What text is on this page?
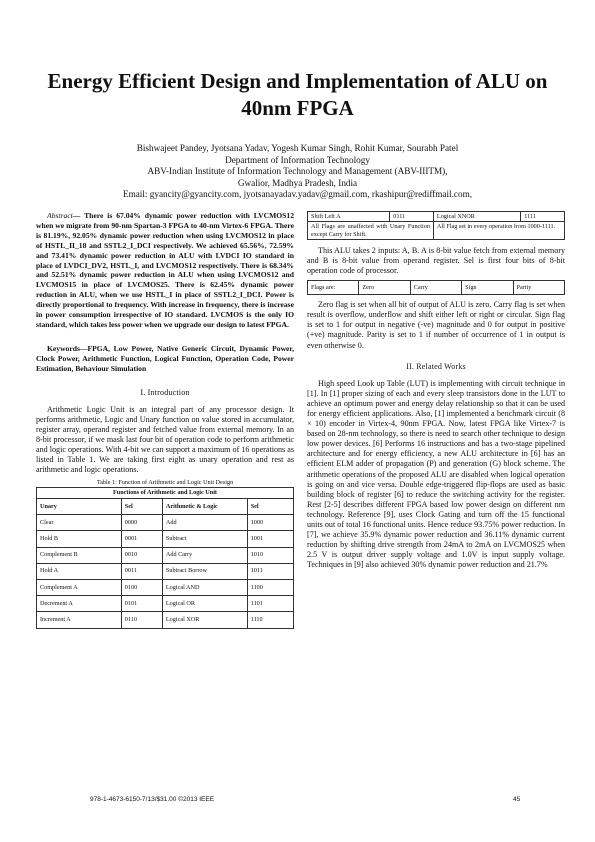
Energy Efficient Design and Implementation of ALU on 40nm FPGA
Bishwajeet Pandey, Jyotsana Yadav, Yogesh Kumar Singh, Rohit Kumar, Sourabh Patel
Department of Information Technology
ABV-Indian Institute of Information Technology and Management (ABV-IIITM),
Gwalior, Madhya Pradesh, India
Email: gyancity@gyancity.com, jyotsanayadav.yadav@gmail.com, rkashipur@rediffmail.com,

Abstract— There is 67.04% dynamic power reduction with LVCMOS12 when we migrate from 90-nm Spartan-3 FPGA to 40-nm Virtex-6 FPGA. There is 81.19%, 92.05% dynamic power reduction when using LVCMOS12 in place of HSTL_II_18 and SSTL2_I_DCI respectively. We achieved 65.56%, 72.59% and 73.41% dynamic power reduction in ALU with LVDCI IO standard in place of LVDCI_DV2, HSTL_I, and LVCMOS12 respectively. There is 68.34% and 52.51% dynamic power reduction in ALU when using LVCMOS12 and LVCMOS15 in place of LVCMOS25. There is 62.45% dynamic power reduction in ALU, when we use HSTL_I in place of SSTL2_I_DCI. Power is directly proportional to frequency. With increase in frequency, there is increase in power consumption irrespective of IO standard. LVCMOS is the only IO standard, which takes less power when we upgrade our design to latest FPGA.

Keywords—FPGA, Low Power, Native Generic Circuit, Dynamic Power, Clock Power, Arithmetic Function, Logical Function, Operation Code, Power Estimation, Behaviour Simulation

I. Introduction

Arithmetic Logic Unit is an integral part of any processor design. It performs arithmetic, Logic and Unary function on value stored in accumulator, register array, operand register and fetched value from external memory. In an 8-bit processor, if we mask last four bit of operation code to perform arithmetic and logic operations. With 4-bit we can support a maximum of 16 operations as listed in Table 1. We are taking first eight as unary operation and rest as arithmetic and logic operations.

Table 1: Function of Arithmetic and Logic Unit Design
Functions of Arithmetic and Logic Unit			
Unary	Sel	Arithmetic & Logic	Sel
Clear	0000	Add	1000
Hold B	0001	Subtract	1001
Complement B	0010	Add Carry	1010
Hold A	0011	Subtract Borrow	1011
Complement A	0100	Logical AND	1100
Decrement A	0101	Logical OR	1101
Increment A	0110	Logical XOR	1110
Shift Left A	0111	Logical XNOR	1111
All Flags are unaffected with Unary Function except Carry for Shift.		All Flag set in every operation from 1000-1111.	

This ALU takes 2 inputs: A, B. A is 8-bit value fetch from external memory and B is 8-bit value from operand register. Sel is first four bits of 8-bit operation code of processor.

Flags are:	Zero	Carry	Sign	Parity

Zero flag is set when all bit of output of ALU is zero. Carry flag is set when result is overflow, underflow and shift either left or right or circular. Sign flag is set to 1 for output in negative (-ve) magnitude and 0 for output in positive (+ve) magnitude. Parity is set to 1 if number of occurrence of 1 in output is even otherwise 0.

II. Related Works

High speed Look up Table (LUT) is implementing with circuit technique in [1]. In [1] proper sizing of each and every sleep transistors done in the LUT to achieve an optimum power and energy delay relationship so that it can be used for energy efficient applications. Also, [1] implemented a benchmark circuit (8 × 10) encoder in Virtex-4, 90nm FPGA. Now, latest FPGA like Virtex-7 is based on 28-nm technology, so there is need to search other technique to design low power devices. [6] Performs 16 instructions and has a two-stage pipelined architecture and for energy efficiency, a new ALU architecture in [6] has an efficient ELM adder of propagation (P) and generation (G) block scheme. The arithmetic operations of the proposed ALU are disabled when logical operation is going on and vice versa. Double edge-triggered flip-flops are used as basic building block of register [6] to reduce the switching activity for the register. Rest [2-5] describes different FPGA based low power design on different nm technology. Reference [9], uses Clock Gating and turn off the 15 functional units out of total 16 functional units. Hence reduce 93.75% power reduction. In [7], we achieve 35.9% dynamic power reduction and 36.11% dynamic current reduction by shifting drive strength from 24mA to 2mA on LVCMOS25 when 2.5 V is output driver supply voltage and 1.0V is input supply voltage. Techniques in [9] also achieved 30% dynamic power reduction and 21.7%

978-1-4673-6150-7/13/$31.00 ©2013 IEEE	45
